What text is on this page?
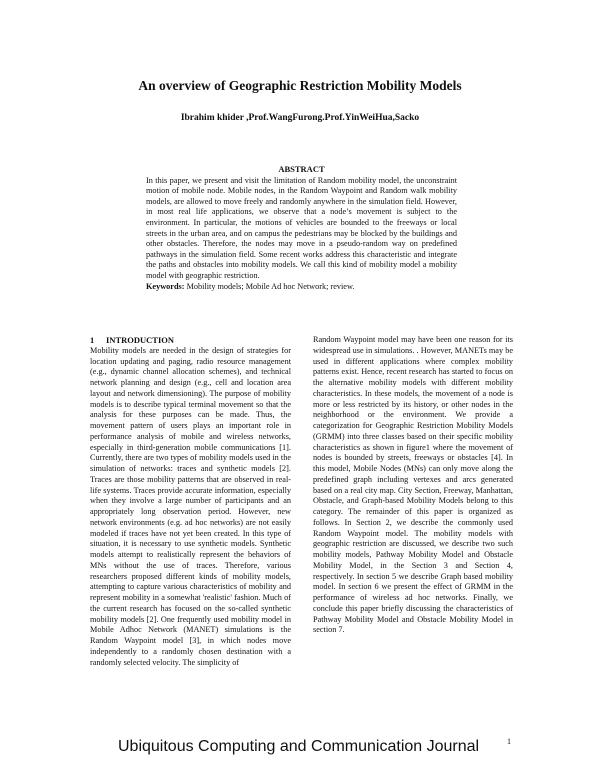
An overview of Geographic Restriction Mobility Models
Ibrahim khider ,Prof.WangFurong.Prof.YinWeiHua,Sacko
ABSTRACT

In this paper, we present and visit the limitation of Random mobility model, the unconstraint motion of mobile node. Mobile nodes, in the Random Waypoint and Random walk mobility models, are allowed to move freely and randomly anywhere in the simulation field. However, in most real life applications, we observe that a node’s movement is subject to the environment. In particular, the motions of vehicles are bounded to the freeways or local streets in the urban area, and on campus the pedestrians may be blocked by the buildings and other obstacles. Therefore, the nodes may move in a pseudo-random way on predefined pathways in the simulation field. Some recent works address this characteristic and integrate the paths and obstacles into mobility models. We call this kind of mobility model a mobility model with geographic restriction.

Keywords: Mobility models; Mobile Ad hoc Network; review.

1 INTRODUCTION

Mobility models are needed in the design of strategies for location updating and paging, radio resource management (e.g., dynamic channel allocation schemes), and technical network planning and design (e.g., cell and location area layout and network dimensioning). The purpose of mobility models is to describe typical terminal movement so that the analysis for these purposes can be made. Thus, the movement pattern of users plays an important role in performance analysis of mobile and wireless networks, especially in third-generation mobile communications [1]. Currently, there are two types of mobility models used in the simulation of networks: traces and synthetic models [2]. Traces are those mobility patterns that are observed in real-life systems. Traces provide accurate information, especially when they involve a large number of participants and an appropriately long observation period. However, new network environments (e.g. ad hoc networks) are not easily modeled if traces have not yet been created. In this type of situation, it is necessary to use synthetic models. Synthetic models attempt to realistically represent the behaviors of MNs without the use of traces. Therefore, various researchers proposed different kinds of mobility models, attempting to capture various characteristics of mobility and represent mobility in a somewhat 'realistic' fashion. Much of the current research has focused on the so-called synthetic mobility models [2]. One frequently used mobility model in Mobile Adhoc Network (MANET) simulations is the Random Waypoint model [3], in which nodes move independently to a randomly chosen destination with a randomly selected velocity. The simplicity of

Random Waypoint model may have been one reason for its widespread use in simulations. . However, MANETs may be used in different applications where complex mobility patterns exist. Hence, recent research has started to focus on the alternative mobility models with different mobility characteristics. In these models, the movement of a node is more or less restricted by its history, or other nodes in the neighborhood or the environment. We provide a categorization for Geographic Restriction Mobility Models (GRMM) into three classes based on their specific mobility characteristics as shown in figure1 where the movement of nodes is bounded by streets, freeways or obstacles [4]. In this model, Mobile Nodes (MNs) can only move along the predefined graph including vertexes and arcs generated based on a real city map. City Section, Freeway, Manhattan, Obstacle, and Graph-based Mobility Models belong to this category. The remainder of this paper is organized as follows. In Section 2, we describe the commonly used Random Waypoint model. The mobility models with geographic restriction are discussed, we describe two such mobility models, Pathway Mobility Model and Obstacle Mobility Model, in the Section 3 and Section 4, respectively. In section 5 we describe Graph based mobility model. In section 6 we present the effect of GRMM in the performance of wireless ad hoc networks. Finally, we conclude this paper briefly discussing the characteristics of Pathway Mobility Model and Obstacle Mobility Model in section 7.

Ubiquitous Computing and Communication Journal	1
